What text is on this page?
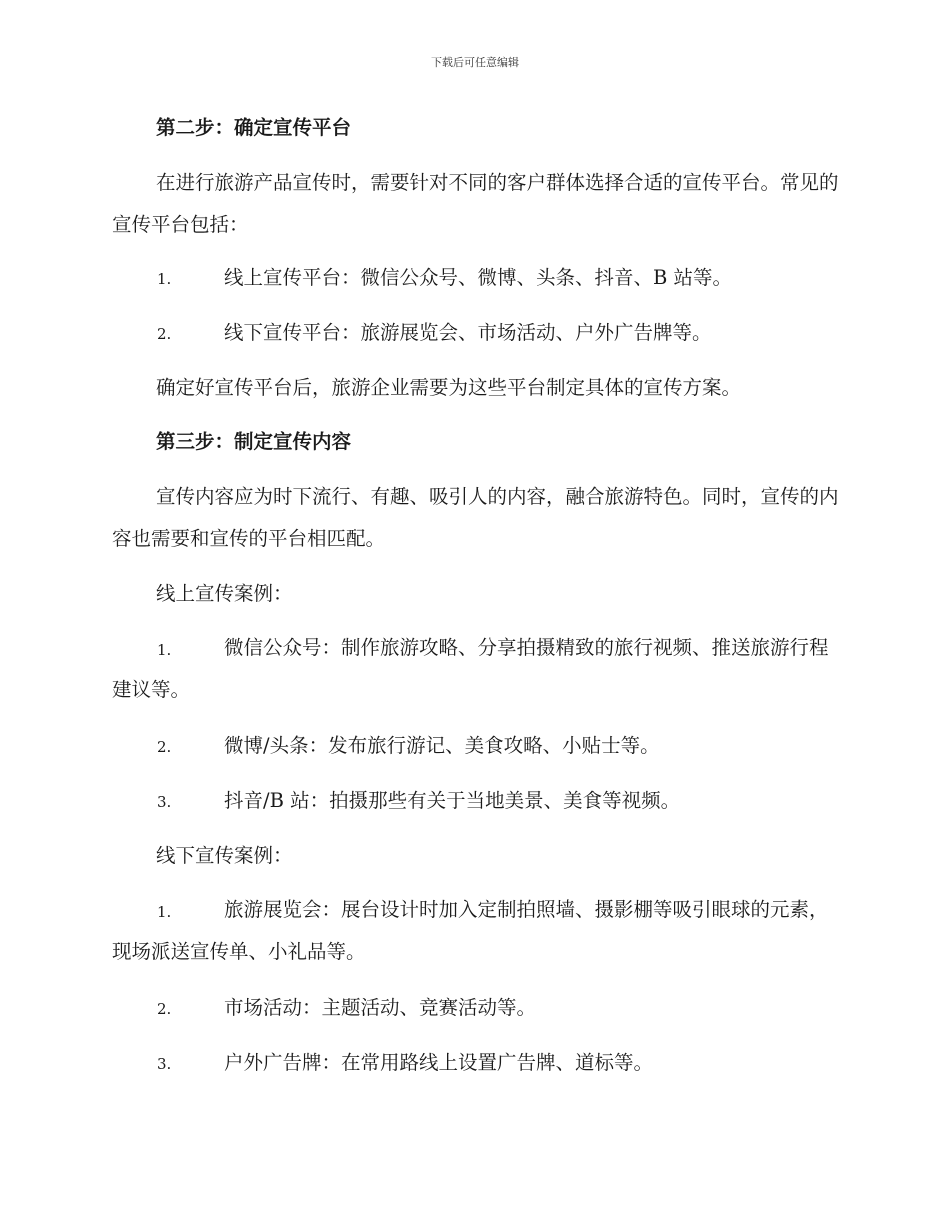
下载后可任意编辑
第二步：确定宣传平台
在进行旅游产品宣传时，需要针对不同的客户群体选择合适的宣传平台。常见的宣传平台包括：
1.	线上宣传平台：微信公众号、微博、头条、抖音、B 站等。
2.	线下宣传平台：旅游展览会、市场活动、户外广告牌等。
确定好宣传平台后，旅游企业需要为这些平台制定具体的宣传方案。
第三步：制定宣传内容
宣传内容应为时下流行、有趣、吸引人的内容，融合旅游特色。同时，宣传的内容也需要和宣传的平台相匹配。
线上宣传案例：
1.	微信公众号：制作旅游攻略、分享拍摄精致的旅行视频、推送旅游行程建议等。
2.	微博/头条：发布旅行游记、美食攻略、小贴士等。
3.	抖音/B 站：拍摄那些有关于当地美景、美食等视频。
线下宣传案例：
1.	旅游展览会：展台设计时加入定制拍照墙、摄影棚等吸引眼球的元素，现场派送宣传单、小礼品等。
2.	市场活动：主题活动、竞赛活动等。
3.	户外广告牌：在常用路线上设置广告牌、道标等。
